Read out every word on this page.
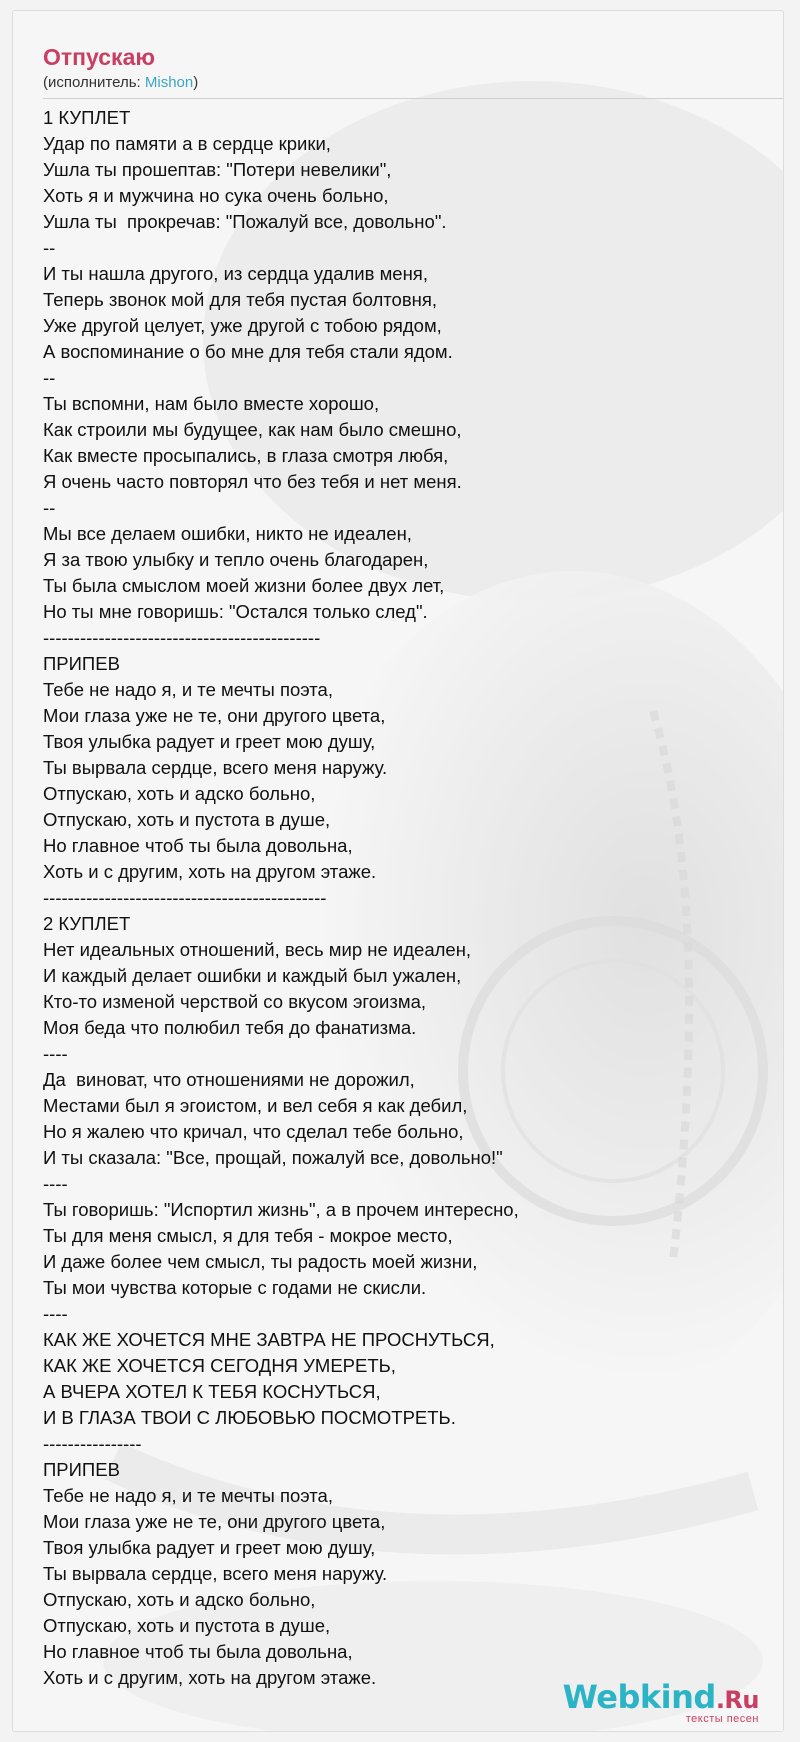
Отпускаю

(исполнитель: Mishon)

1 КУПЛЕТ
Удар по памяти а в сердце крики,
Ушла ты прошептав: "Потери невелики",
Хоть я и мужчина но сука очень больно,
Ушла ты  прокречав: "Пожалуй все, довольно".
--
И ты нашла другого, из сердца удалив меня,
Теперь звонок мой для тебя пустая болтовня,
Уже другой целует, уже другой с тобою рядом,
А воспоминание о бо мне для тебя стали ядом.
--
Ты вспомни, нам было вместе хорошо,
Как строили мы будущее, как нам было смешно,
Как вместе просыпались, в глаза смотря любя,
Я очень часто повторял что без тебя и нет меня.
--
Мы все делаем ошибки, никто не идеален,
Я за твою улыбку и тепло очень благодарен,
Ты была смыслом моей жизни более двух лет,
Но ты мне говоришь: "Остался только след".
---------------------------------------------
ПРИПЕВ
Тебе не надо я, и те мечты поэта,
Мои глаза уже не те, они другого цвета,
Твоя улыбка радует и греет мою душу,
Ты вырвала сердце, всего меня наружу.
Отпускаю, хоть и адско больно,
Отпускаю, хоть и пустота в душе,
Но главное чтоб ты была довольна,
Хоть и с другим, хоть на другом этаже.
----------------------------------------------
2 КУПЛЕТ
Нет идеальных отношений, весь мир не идеален,
И каждый делает ошибки и каждый был ужален,
Кто-то изменой черствой со вкусом эгоизма,
Моя беда что полюбил тебя до фанатизма.
----
Да  виноват, что отношениями не дорожил,
Местами был я эгоистом, и вел себя я как дебил,
Но я жалею что кричал, что сделал тебе больно,
И ты сказала: "Все, прощай, пожалуй все, довольно!"
----
Ты говоришь: "Испортил жизнь", а в прочем интересно,
Ты для меня смысл, я для тебя - мокрое место,
И даже более чем смысл, ты радость моей жизни,
Ты мои чувства которые с годами не скисли.
----
КАК ЖЕ ХОЧЕТСЯ МНЕ ЗАВТРА НЕ ПРОСНУТЬСЯ,
КАК ЖЕ ХОЧЕТСЯ СЕГОДНЯ УМЕРЕТЬ,
А ВЧЕРА ХОТЕЛ К ТЕБЯ КОСНУТЬСЯ,
И В ГЛАЗА ТВОИ С ЛЮБОВЬЮ ПОСМОТРЕТЬ.
----------------
ПРИПЕВ
Тебе не надо я, и те мечты поэта,
Мои глаза уже не те, они другого цвета,
Твоя улыбка радует и греет мою душу,
Ты вырвала сердце, всего меня наружу.
Отпускаю, хоть и адско больно,
Отпускаю, хоть и пустота в душе,
Но главное чтоб ты была довольна,
Хоть и с другим, хоть на другом этаже.
Webkind.Ru
тексты песен
